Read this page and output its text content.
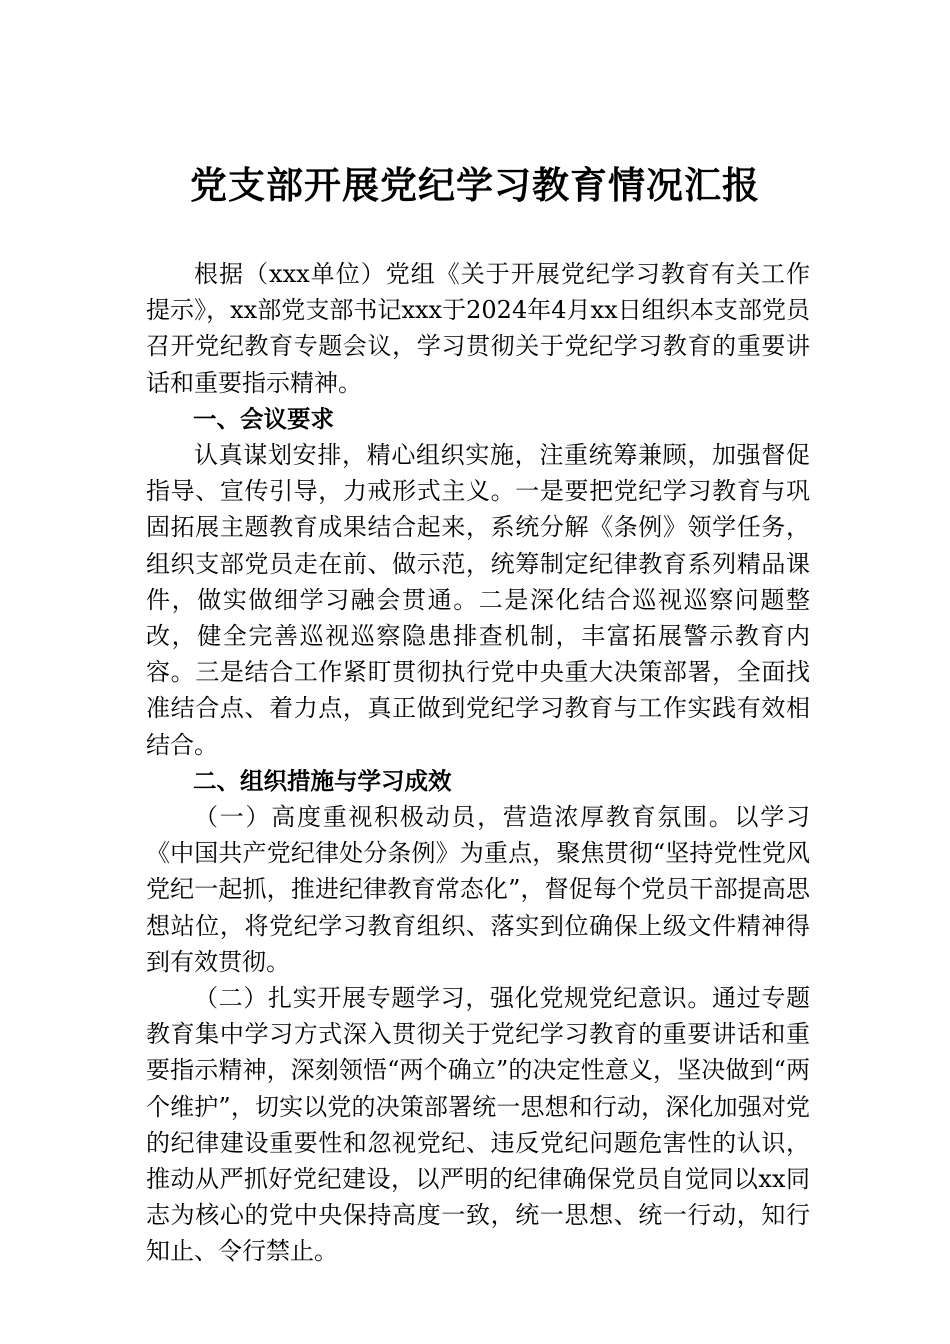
党支部开展党纪学习教育情况汇报

根据（xxx单位）党组《关于开展党纪学习教育有关工作提示》，xx部党支部书记xxx于2024年4月xx日组织本支部党员召开党纪教育专题会议，学习贯彻关于党纪学习教育的重要讲话和重要指示精神。

一、会议要求

认真谋划安排，精心组织实施，注重统筹兼顾，加强督促指导、宣传引导，力戒形式主义。一是要把党纪学习教育与巩固拓展主题教育成果结合起来，系统分解《条例》领学任务，组织支部党员走在前、做示范，统筹制定纪律教育系列精品课件，做实做细学习融会贯通。二是深化结合巡视巡察问题整改，健全完善巡视巡察隐患排查机制，丰富拓展警示教育内容。三是结合工作紧盯贯彻执行党中央重大决策部署，全面找准结合点、着力点，真正做到党纪学习教育与工作实践有效相结合。

二、组织措施与学习成效

（一）高度重视积极动员，营造浓厚教育氛围。以学习《中国共产党纪律处分条例》为重点，聚焦贯彻“坚持党性党风党纪一起抓，推进纪律教育常态化”，督促每个党员干部提高思想站位，将党纪学习教育组织、落实到位确保上级文件精神得到有效贯彻。

（二）扎实开展专题学习，强化党规党纪意识。通过专题教育集中学习方式深入贯彻关于党纪学习教育的重要讲话和重要指示精神，深刻领悟“两个确立”的决定性意义，坚决做到“两个维护”，切实以党的决策部署统一思想和行动，深化加强对党的纪律建设重要性和忽视党纪、违反党纪问题危害性的认识，推动从严抓好党纪建设，以严明的纪律确保党员自觉同以xx同志为核心的党中央保持高度一致，统一思想、统一行动，知行知止、令行禁止。
